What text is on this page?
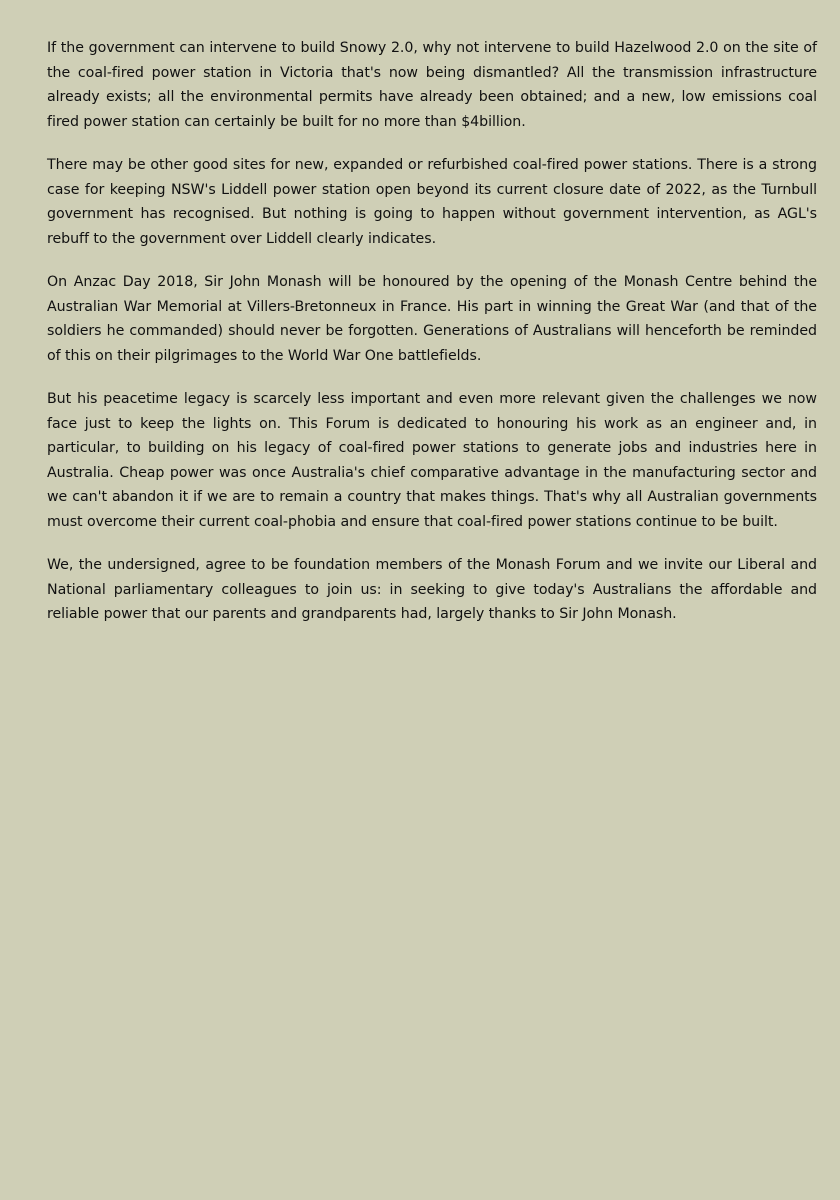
If the government can intervene to build Snowy 2.0, why not intervene to build Hazelwood 2.0 on the site of the coal-fired power station in Victoria that's now being dismantled? All the transmission infrastructure already exists; all the environmental permits have already been obtained; and a new, low emissions coal fired power station can certainly be built for no more than $4billion.

There may be other good sites for new, expanded or refurbished coal-fired power stations. There is a strong case for keeping NSW's Liddell power station open beyond its current closure date of 2022, as the Turnbull government has recognised. But nothing is going to happen without government intervention, as AGL's rebuff to the government over Liddell clearly indicates.

On Anzac Day 2018, Sir John Monash will be honoured by the opening of the Monash Centre behind the Australian War Memorial at Villers-Bretonneux in France. His part in winning the Great War (and that of the soldiers he commanded) should never be forgotten. Generations of Australians will henceforth be reminded of this on their pilgrimages to the World War One battlefields.

But his peacetime legacy is scarcely less important and even more relevant given the challenges we now face just to keep the lights on. This Forum is dedicated to honouring his work as an engineer and, in particular, to building on his legacy of coal-fired power stations to generate jobs and industries here in Australia. Cheap power was once Australia's chief comparative advantage in the manufacturing sector and we can't abandon it if we are to remain a country that makes things. That's why all Australian governments must overcome their current coal-phobia and ensure that coal-fired power stations continue to be built.

We, the undersigned, agree to be foundation members of the Monash Forum and we invite our Liberal and National parliamentary colleagues to join us: in seeking to give today's Australians the affordable and reliable power that our parents and grandparents had, largely thanks to Sir John Monash.
